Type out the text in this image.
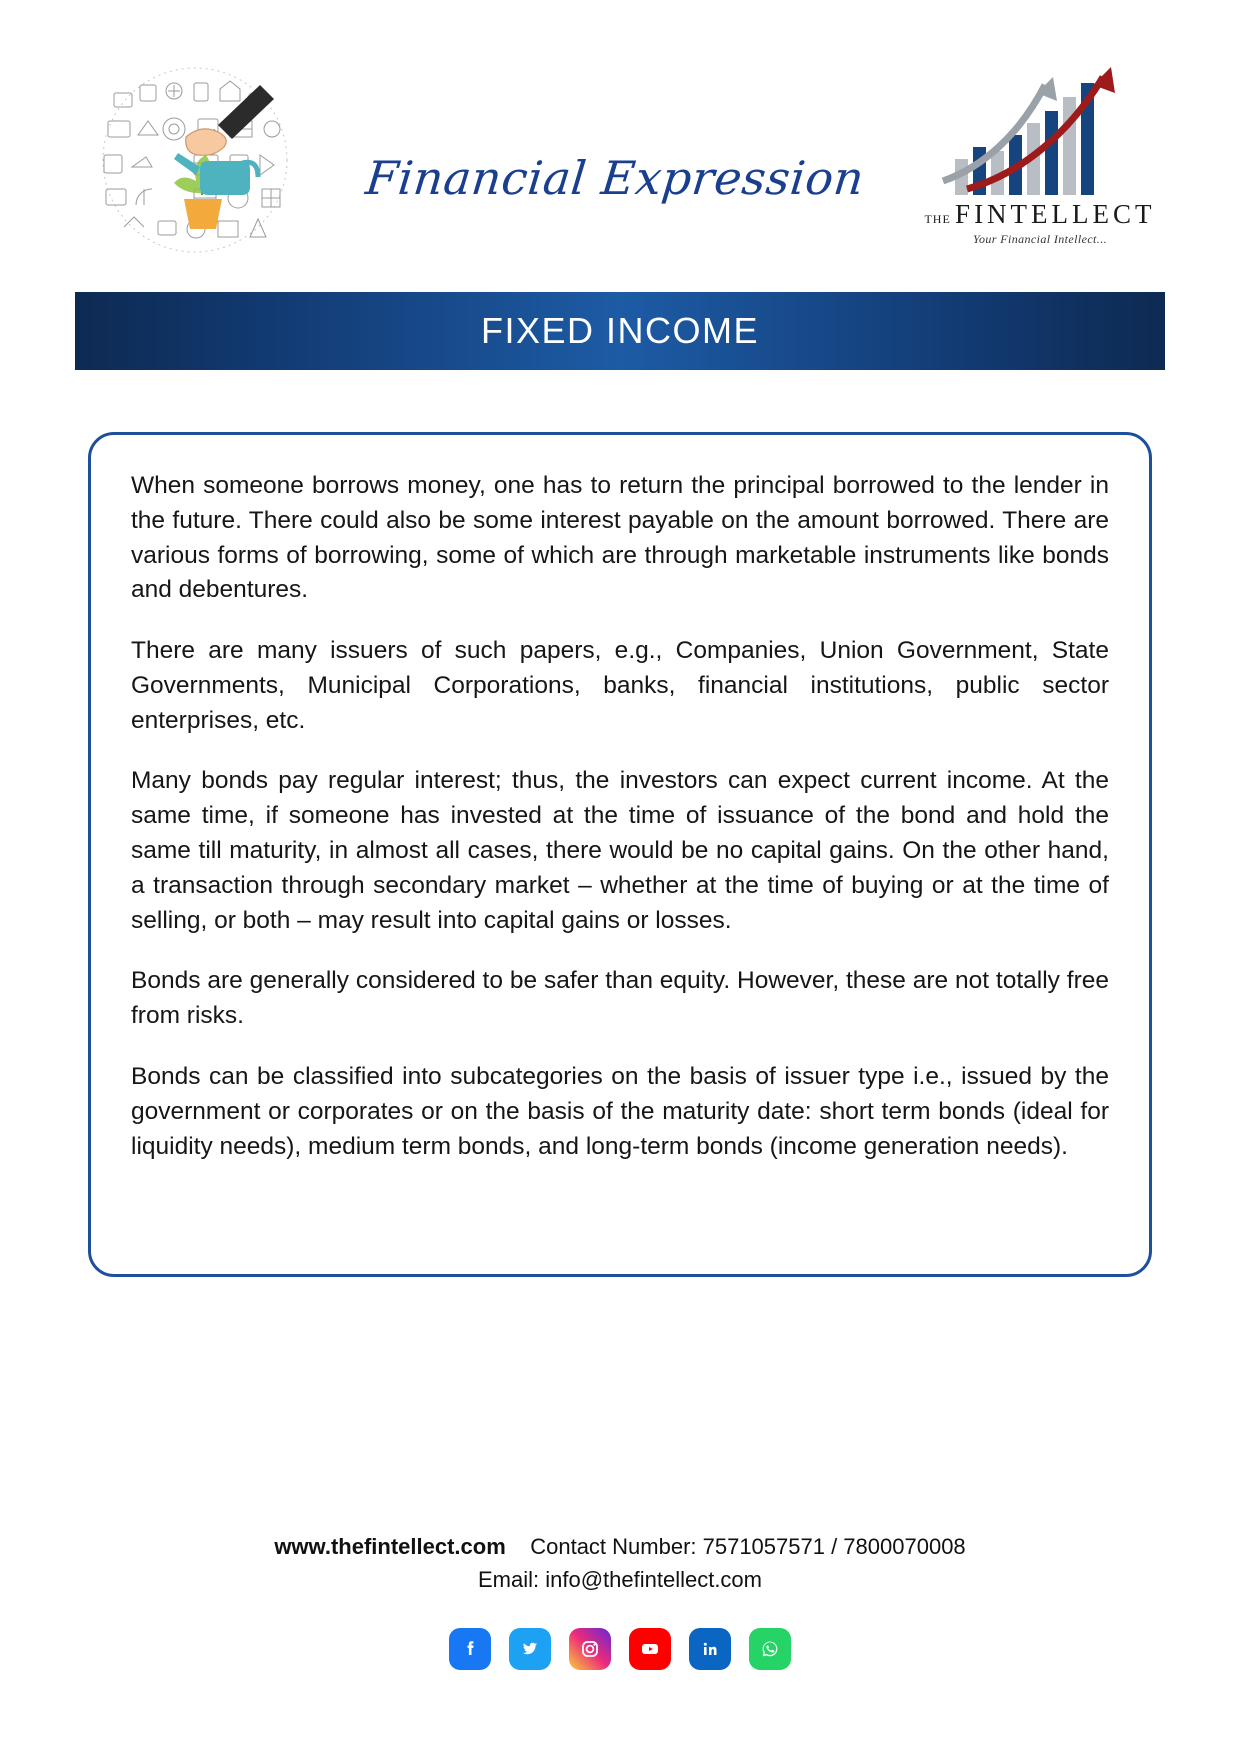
Financial Expression
THE FINTELLECT
Your Financial Intellect...
FIXED INCOME

When someone borrows money, one has to return the principal borrowed to the lender in the future. There could also be some interest payable on the amount borrowed. There are various forms of borrowing, some of which are through marketable instruments like bonds and debentures.

There are many issuers of such papers, e.g., Companies, Union Government, State Governments, Municipal Corporations, banks, financial institutions, public sector enterprises, etc.

Many bonds pay regular interest; thus, the investors can expect current income. At the same time, if someone has invested at the time of issuance of the bond and hold the same till maturity, in almost all cases, there would be no capital gains. On the other hand, a transaction through secondary market – whether at the time of buying or at the time of selling, or both – may result into capital gains or losses.

Bonds are generally considered to be safer than equity. However, these are not totally free from risks.

Bonds can be classified into subcategories on the basis of issuer type i.e., issued by the government or corporates or on the basis of the maturity date: short term bonds (ideal for liquidity needs), medium term bonds, and long-term bonds (income generation needs).

www.thefintellect.com Contact Number: 7571057571 / 7800070008
Email: info@thefintellect.com
